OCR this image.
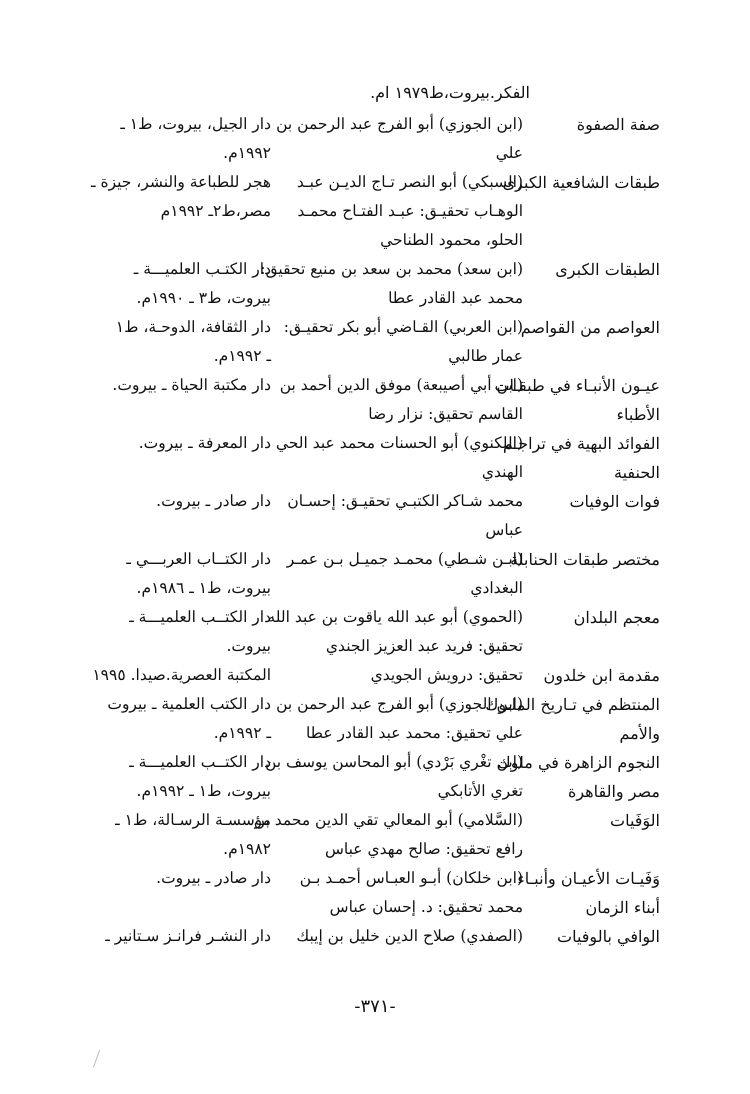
الفكر.بيروت،ط١٩٧٩ ام.
صفة الصفوة
(ابن الجوزي) أبو الفرج عبد الرحمن بن
علي
دار الجيل، بيروت، ط١ ـ
١٩٩٢م.
طبقات الشافعية الكبرى
(السبكي) أبو النصر تـاج الديـن عبـد
الوهـاب تحقيـق: عبـد الفتـاح محمـد
الحلو، محمود الطناحي
هجر للطباعة والنشر، جيزة ـ
مصر،ط٢ـ ١٩٩٢م
الطبقات الكبرى
(ابن سعد) محمد بن سعد بن منيع تحقيق:
محمد عبد القادر عطا
دار الكتـب العلميـــة ـ
بيروت، ط٣ ـ ١٩٩٠م.
العواصم من القواصم
(ابن العربي) القـاضي أبو بكر تحقيـق:
عمار طالبي
دار الثقافة، الدوحـة، ط١
ـ ١٩٩٢م.
عيـون الأنبـاء في طبقـات
الأطباء
(ابن أبي أصيبعة) موفق الدين أحمد بن
القاسم تحقيق: نزار رضا
دار مكتبة الحياة ـ بيروت.
الفوائد البهية في تراجـم
الحنفية
(اللكنوي) أبو الحسنات محمد عبد الحي
الهندي
دار المعرفة ـ بيروت.
فوات الوفيات
محمد شـاكر الكتبـي تحقيـق: إحسـان
عباس
دار صادر ـ بيروت.
مختصر طبقات الحنابلة
(ابـن شـطي) محمـد جميـل بـن عمـر
البغدادي
دار الكتــاب العربـــي ـ
بيروت، ط١ ـ ١٩٨٦م.
معجم البلدان
(الحموي) أبو عبد الله ياقوت بن عبد الله
تحقيق: فريد عبد العزيز الجندي
دار الكتــب العلميـــة ـ
بيروت.
مقدمة ابن خلدون
تحقيق: درويش الجويدي
المكتبة العصرية.صيدا. ١٩٩٥
المنتظم في تـاريخ الملـوك
والأمم
(ابن الجوزي) أبو الفرج عبد الرحمن بن
علي تحقيق: محمد عبد القادر عطا
دار الكتب العلمية ـ بيروت
ـ ١٩٩٢م.
النجوم الزاهرة في ملوك
مصر والقاهرة
(ابن تغْري بَرْدي) أبو المحاسن يوسف بن
تغري الأتابكي
دار الكتــب العلميـــة ـ
بيروت، ط١ ـ ١٩٩٢م.
الوَفَيات
(السَّلامي) أبو المعالي تقي الدين محمد بن
رافع تحقيق: صالح مهدي عباس
مؤسسـة الرسـالة، ط١ ـ
١٩٨٢م.
وَفَيـات الأعيـان وأنبـاء
أبناء الزمان
(ابن خلكان) أبـو العبـاس أحمـد بـن
محمد تحقيق: د. إحسان عباس
دار صادر ـ بيروت.
الوافي بالوفيات
(الصفدي) صلاح الدين خليل بن إيبك
دار النشـر فرانـز سـتانير ـ
-٣٧١-
